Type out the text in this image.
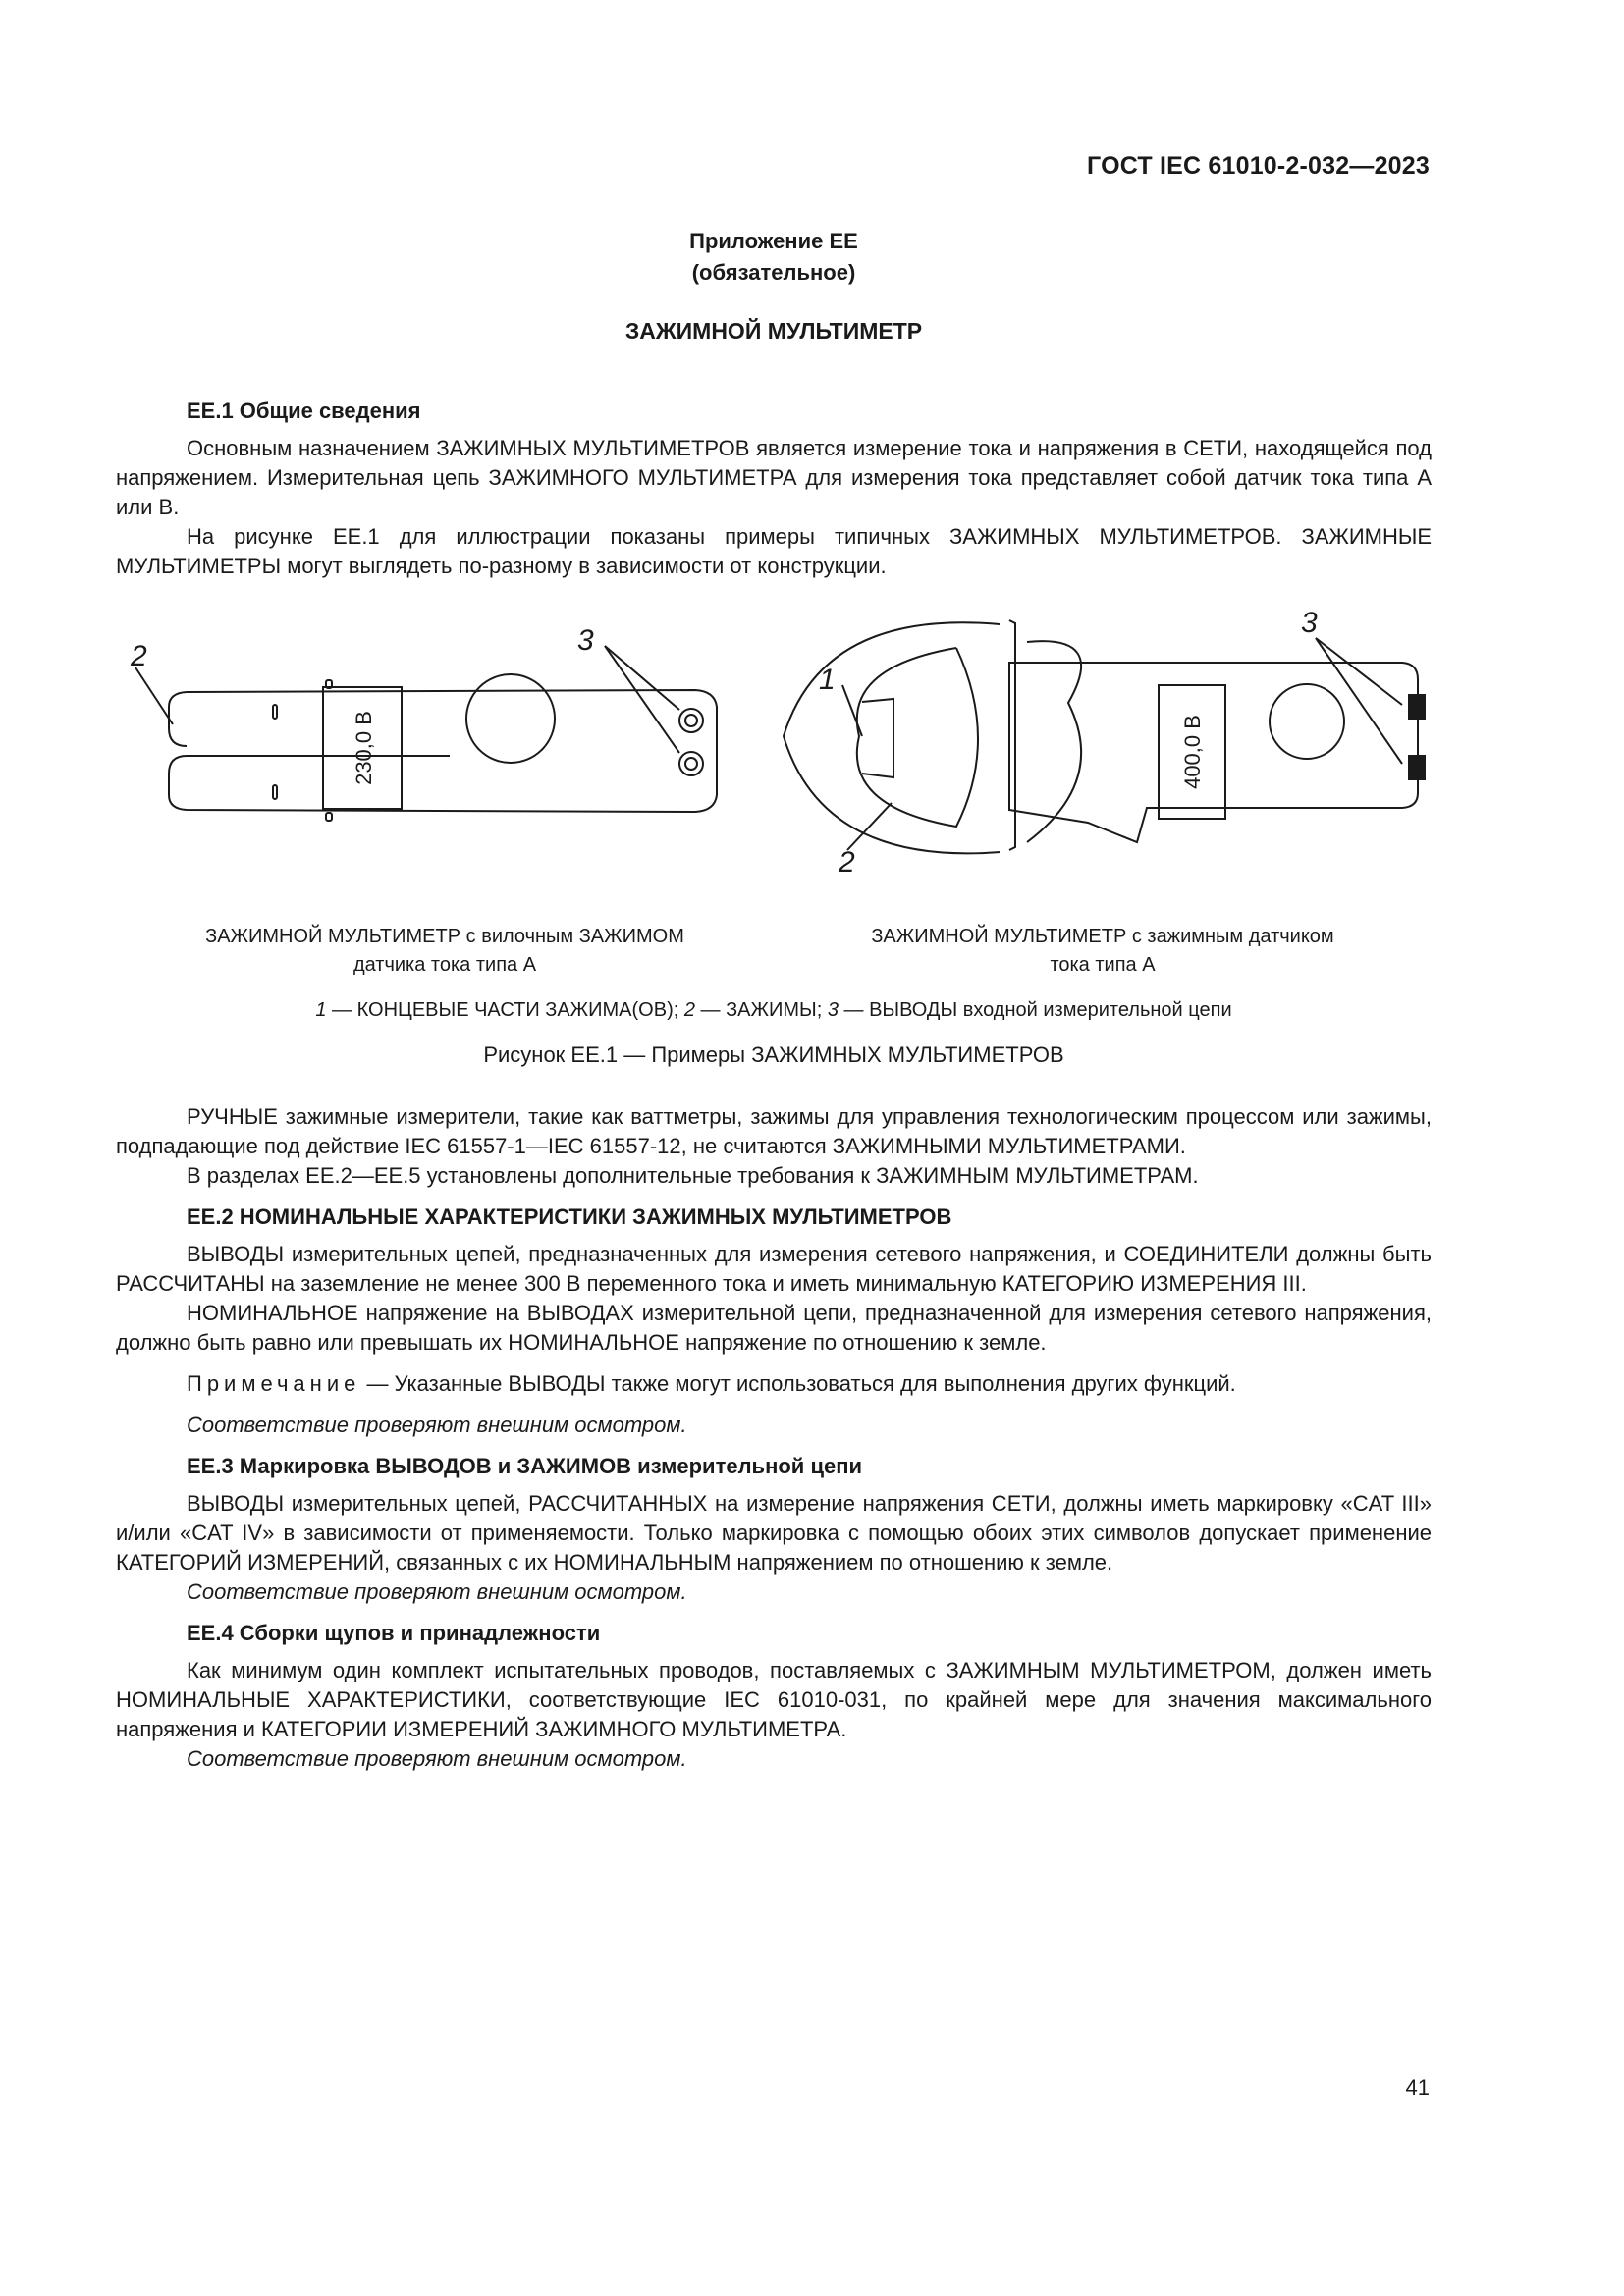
ГОСТ IEC 61010-2-032—2023
Приложение ЕЕ
(обязательное)
ЗАЖИМНОЙ МУЛЬТИМЕТР

ЕЕ.1 Общие сведения

Основным назначением ЗАЖИМНЫХ МУЛЬТИМЕТРОВ является измерение тока и напряжения в СЕТИ, находящейся под напряжением. Измерительная цепь ЗАЖИМНОГО МУЛЬТИМЕТРА для измерения тока представляет собой датчик тока типа A или B.

На рисунке ЕЕ.1 для иллюстрации показаны примеры типичных ЗАЖИМНЫХ МУЛЬТИМЕТРОВ. ЗАЖИМНЫЕ МУЛЬТИМЕТРЫ могут выглядеть по-разному в зависимости от конструкции.

2	3
230,0 В
1
2
3
400,0 В
ЗАЖИМНОЙ МУЛЬТИМЕТР с вилочным ЗАЖИМОМ
датчика тока типа А
ЗАЖИМНОЙ МУЛЬТИМЕТР с зажимным датчиком
тока типа А
1 — КОНЦЕВЫЕ ЧАСТИ ЗАЖИМА(ОВ); 2 — ЗАЖИМЫ; 3 — ВЫВОДЫ входной измерительной цепи
Рисунок ЕЕ.1 — Примеры ЗАЖИМНЫХ МУЛЬТИМЕТРОВ

РУЧНЫЕ зажимные измерители, такие как ваттметры, зажимы для управления технологическим процессом или зажимы, подпадающие под действие IEC 61557-1—IEC 61557-12, не считаются ЗАЖИМНЫМИ МУЛЬТИМЕТРАМИ.

В разделах ЕЕ.2—ЕЕ.5 установлены дополнительные требования к ЗАЖИМНЫМ МУЛЬТИМЕТРАМ.

ЕЕ.2 НОМИНАЛЬНЫЕ ХАРАКТЕРИСТИКИ ЗАЖИМНЫХ МУЛЬТИМЕТРОВ

ВЫВОДЫ измерительных цепей, предназначенных для измерения сетевого напряжения, и СОЕДИНИТЕЛИ должны быть РАССЧИТАНЫ на заземление не менее 300 В переменного тока и иметь минимальную КАТЕГОРИЮ ИЗМЕРЕНИЯ III.

НОМИНАЛЬНОЕ напряжение на ВЫВОДАХ измерительной цепи, предназначенной для измерения сетевого напряжения, должно быть равно или превышать их НОМИНАЛЬНОЕ напряжение по отношению к земле.

Примечание — Указанные ВЫВОДЫ также могут использоваться для выполнения других функций.

Соответствие проверяют внешним осмотром.

ЕЕ.3 Маркировка ВЫВОДОВ и ЗАЖИМОВ измерительной цепи

ВЫВОДЫ измерительных цепей, РАССЧИТАННЫХ на измерение напряжения СЕТИ, должны иметь маркировку «CAT III» и/или «CAT IV» в зависимости от применяемости. Только маркировка с помощью обоих этих символов допускает применение КАТЕГОРИЙ ИЗМЕРЕНИЙ, связанных с их НОМИНАЛЬНЫМ напряжением по отношению к земле.

Соответствие проверяют внешним осмотром.

ЕЕ.4 Сборки щупов и принадлежности

Как минимум один комплект испытательных проводов, поставляемых с ЗАЖИМНЫМ МУЛЬТИМЕТРОМ, должен иметь НОМИНАЛЬНЫЕ ХАРАКТЕРИСТИКИ, соответствующие IEC 61010-031, по крайней мере для значения максимального напряжения и КАТЕГОРИИ ИЗМЕРЕНИЙ ЗАЖИМНОГО МУЛЬТИМЕТРА.

Соответствие проверяют внешним осмотром.

41
